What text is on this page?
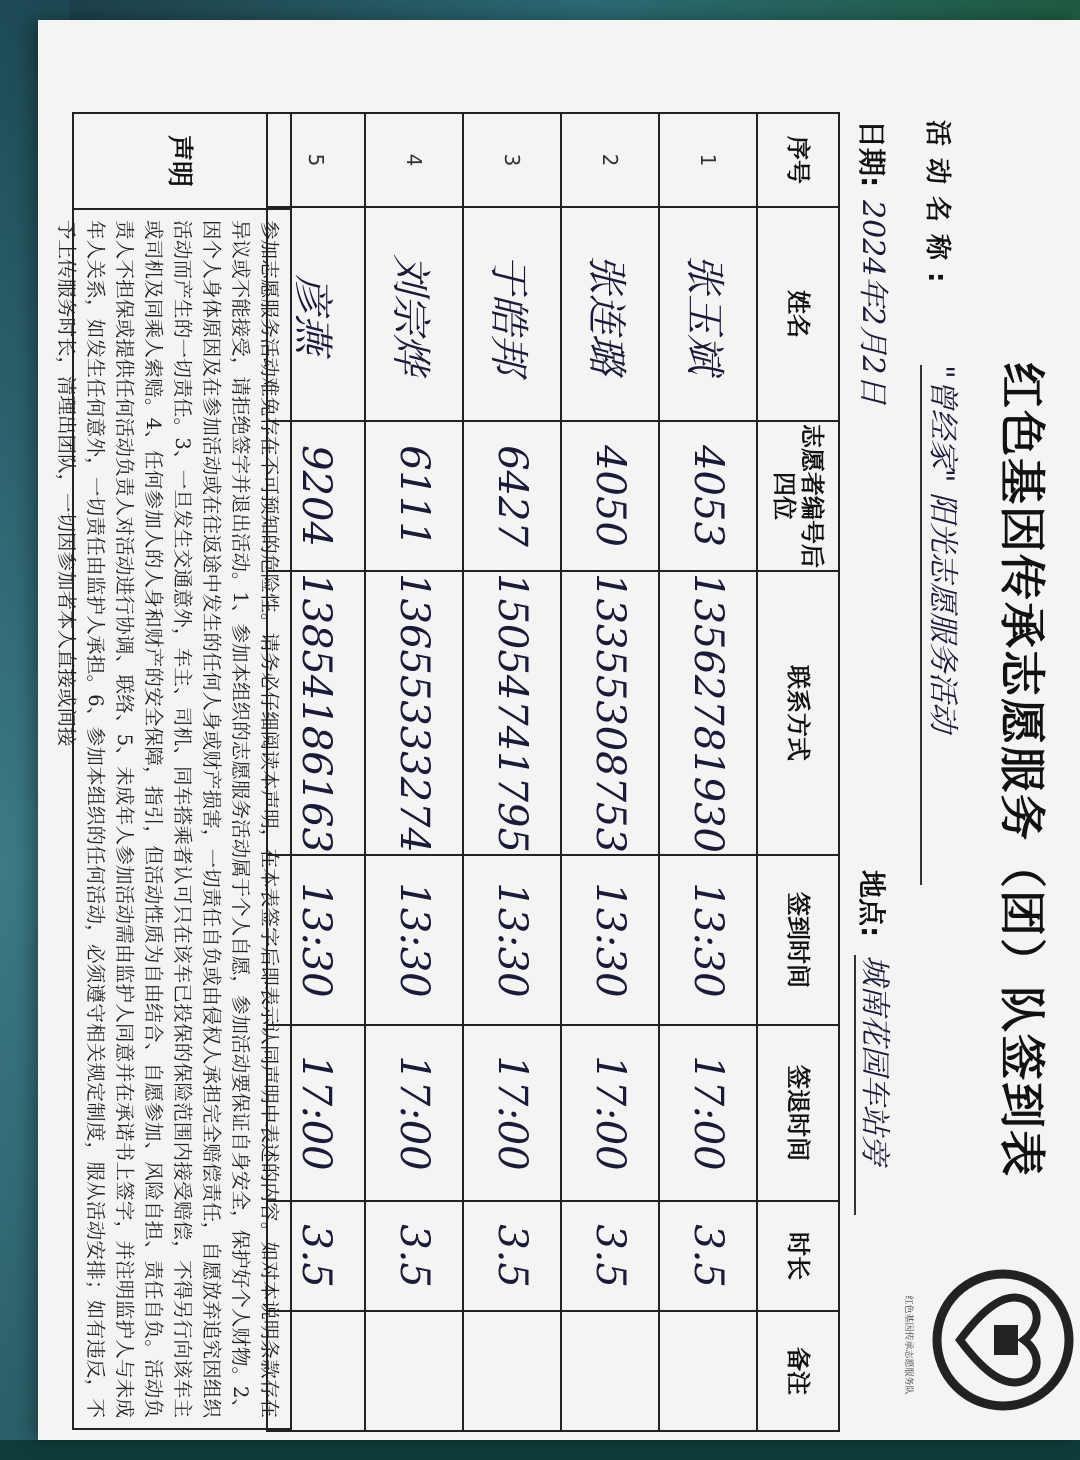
红色基因传承志愿服务（团）队签到表
红色基因传承志愿服务队
活动名称:
"曾经家" 阳光志愿服务活动
日期:
2024年2月2日
地点:
城南花园车站旁
序号	姓名	志愿者编号后四位	联系方式	签到时间	签退时间	时长	备注
1	张玉斌	4053	13562781930	13:30	17:00	3.5	
2	张连璐	4050	13355308753	13:30	17:00	3.5	
3	于皓邦	6427	15054741795	13:30	17:00	3.5	
4	刘宗烨	6111	13655333274	13:30	17:00	3.5	
5	彦燕	9204	13854186163	13:30	17:00	3.5	
声明
参加志愿服务活动难免存在不可预知的危险性。请务必仔细阅读本声明，在本表签字后即表示认同声明中表述的内容。如对本说明条款存在异议或不能接受，请拒绝签字并退出活动。1、参加本组织的志愿服务活动属于个人自愿，参加活动要保证自身安全，保护好个人财物。2、因个人身体原因及在参加活动或在往返途中发生的任何人身或财产损害，一切责任自负或由侵权人承担完全赔偿责任，自愿放弃追究因组织活动而产生的一切责任。3、一旦发生交通意外，车主、司机、同车搭乘者认可只在该车已投保的保险范围内接受赔偿，不得另行向该车主或司机及同乘人索赔。4、任何参加人的人身和财产的安全保障，指引，但活动性质为自由结合、自愿参加、风险自担、责任自负。活动负责人不担保或提供任何活动负责人对活动进行协调、联络、5、未成年人参加活动需由监护人同意并在承诺书上签字，并注明监护人与未成年人关系，如发生任何意外，一切责任由监护人承担。6、参加本组织的任何活动，必须遵守相关规定制度，服从活动安排；如有违反，不予上传服务时长，清理出团队，一切因参加者本人直接或间接
